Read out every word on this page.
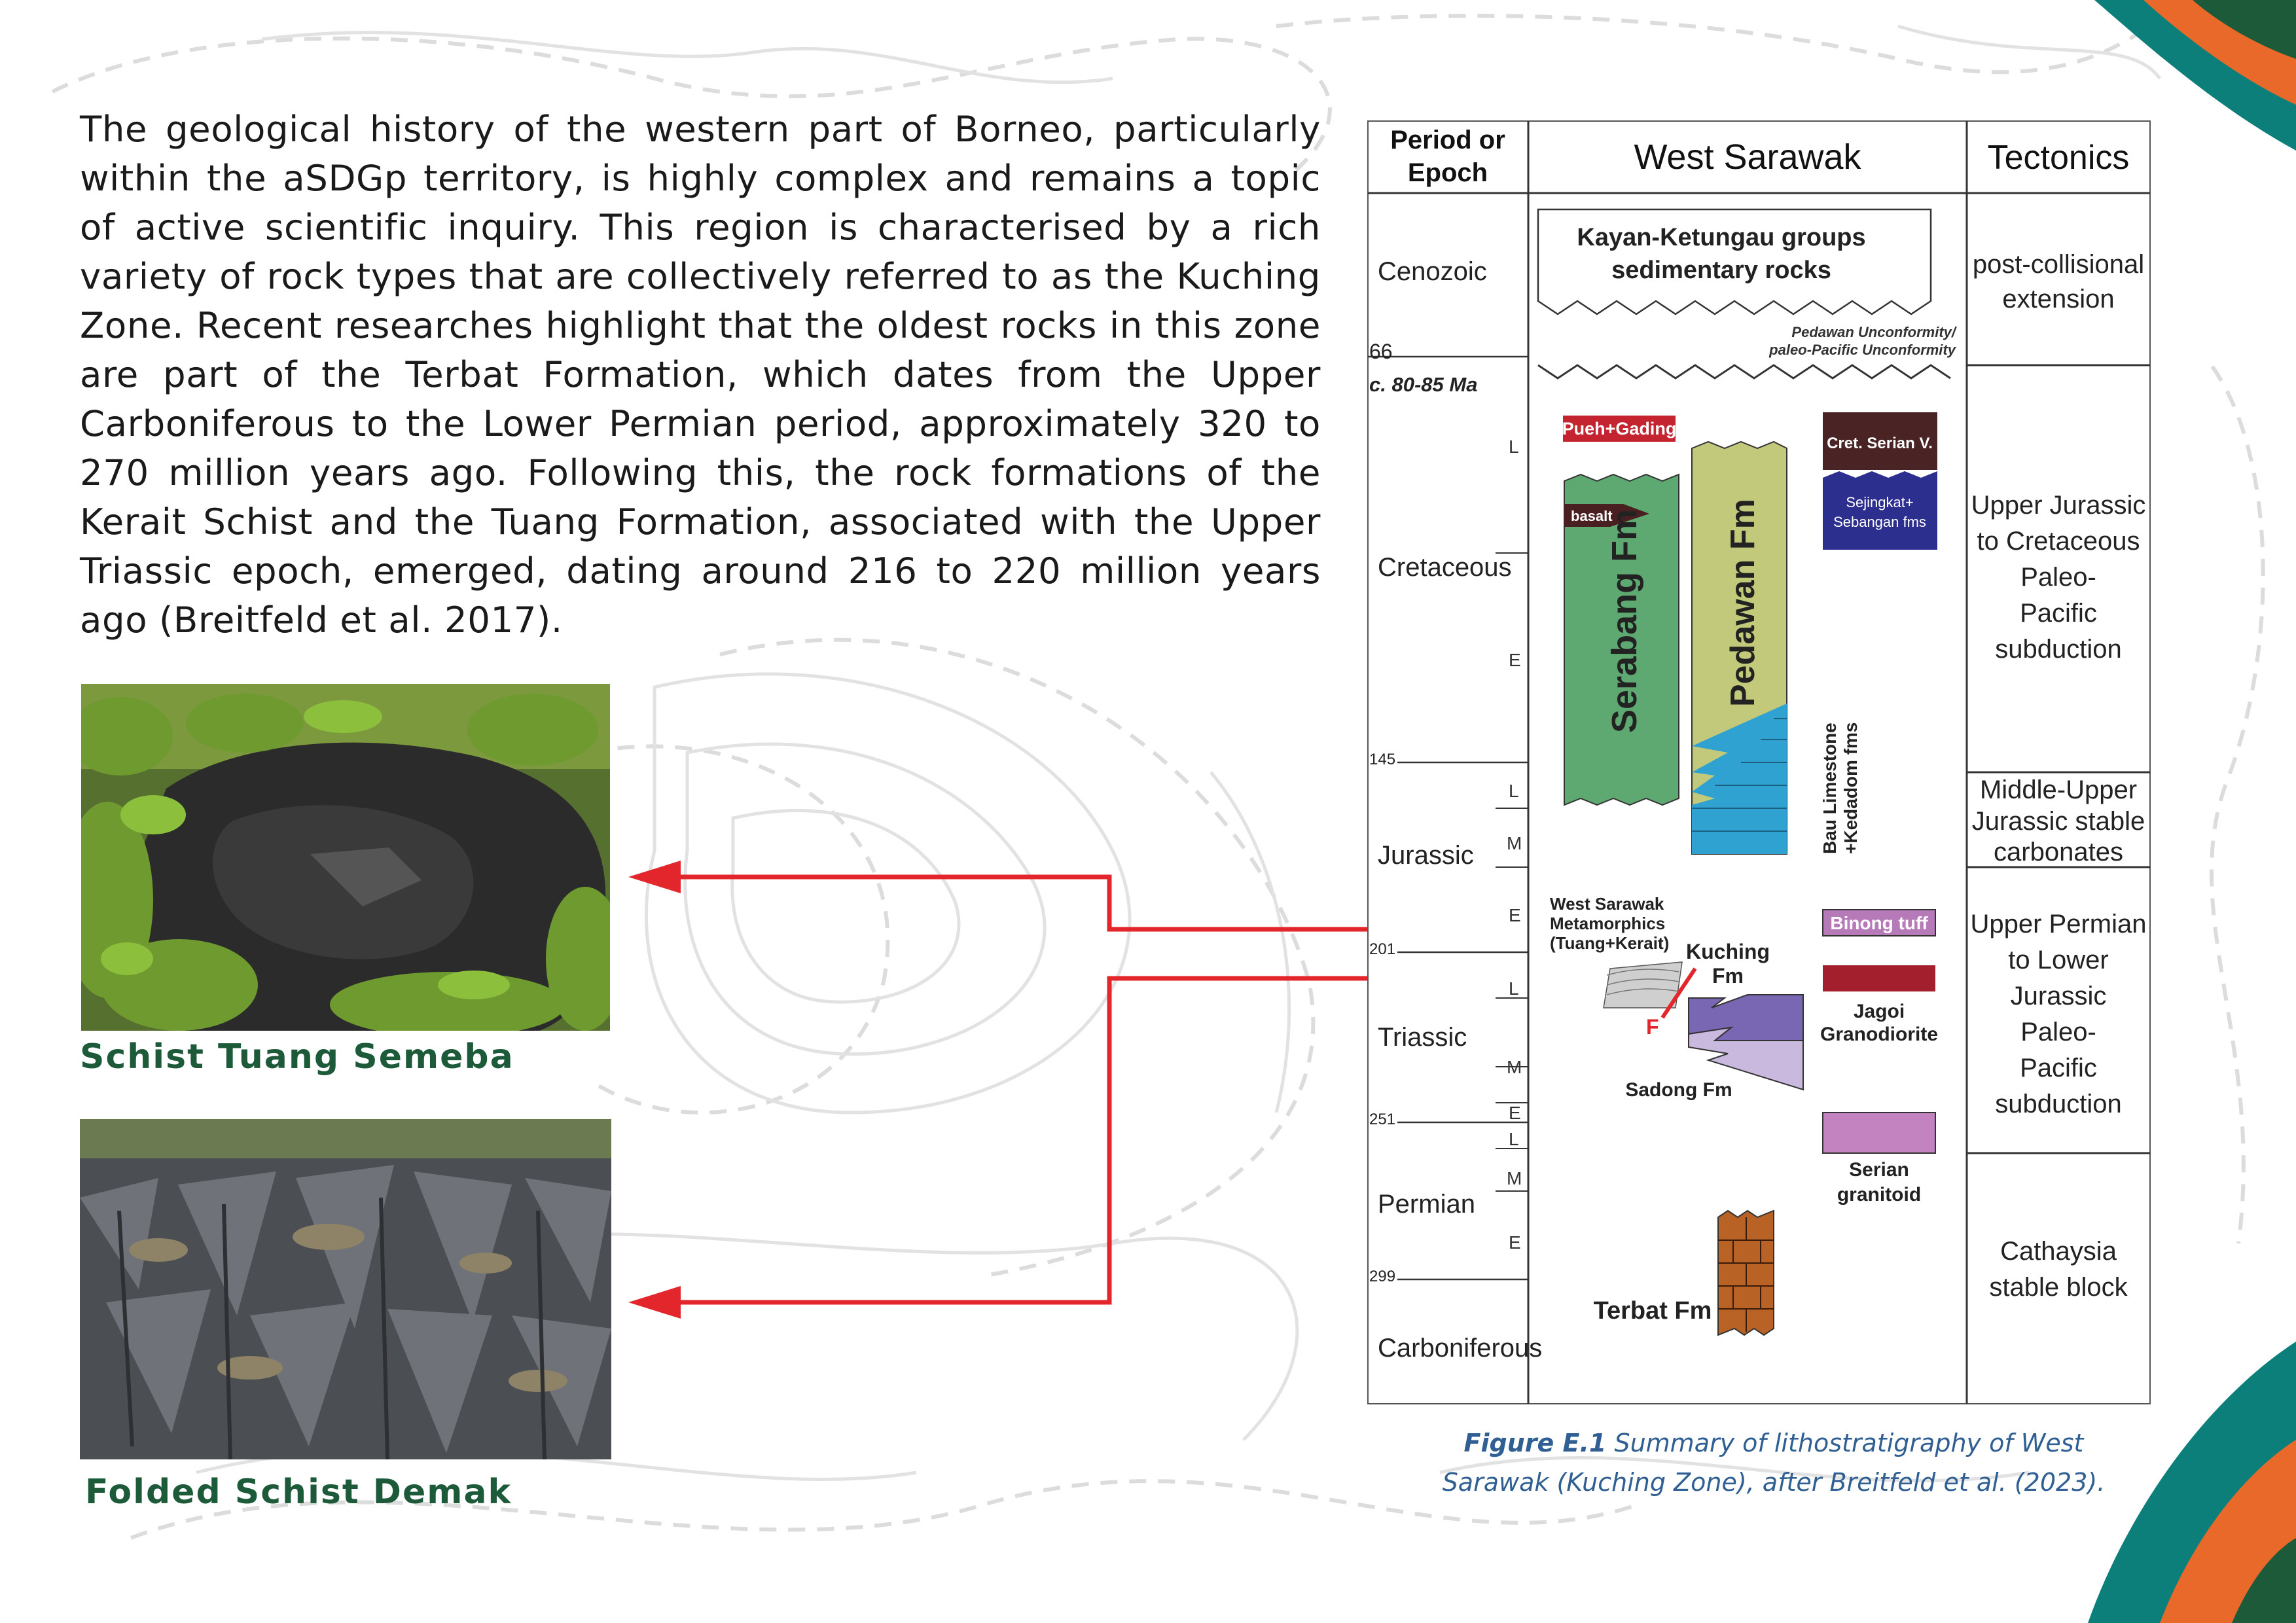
The geological history of the western part of Borneo, particularly within the aSDGp territory, is highly complex and remains a topic of active scientific inquiry. This region is characterised by a rich variety of rock types that are collectively referred to as the Kuching Zone. Recent researches highlight that the oldest rocks in this zone are part of the Terbat Formation, which dates from the Upper Carboniferous to the Lower Permian period, approximately 320 to 270 million years ago. Following this, the rock formations of the Kerait Schist and the Tuang Formation, associated with the Upper Triassic epoch, emerged, dating around 216 to 220 million years ago (Breitfeld et al. 2017).

Schist Tuang Semeba
Folded Schist Demak
Period or
Epoch	West Sarawak	Tectonics
post-collisional
extension
Upper Jurassic
to Cretaceous
Paleo-
Pacific
subduction
Middle-Upper
Jurassic stable
carbonates
Upper Permian
to Lower
Jurassic
Paleo-
Pacific
subduction
Cathaysia
stable block
Cenozoic
Cretaceous
Jurassic
Triassic
Permian
Carboniferous
66
c. 80-85 Ma
145
201
251
299
L
E
L
M
E
L
M
E
L
M
E
Kayan-Ketungau groups
sedimentary rocks
Pedawan Unconformity/
paleo-Pacific Unconformity
Pueh+Gading
basalt
Serabang Fm Pedawan Fm
Bau Limestone +Kedadom fms
Cret. Serian V.
Sejingkat+
Sebangan fms
West Sarawak
Metamorphics
(Tuang+Kerait)
F
Kuching
Fm
Sadong Fm
Binong tuff
Jagoi
Granodiorite
Serian
granitoid
Terbat Fm
Figure E.1 Summary of lithostratigraphy of West Sarawak (Kuching Zone), after Breitfeld et al. (2023).
